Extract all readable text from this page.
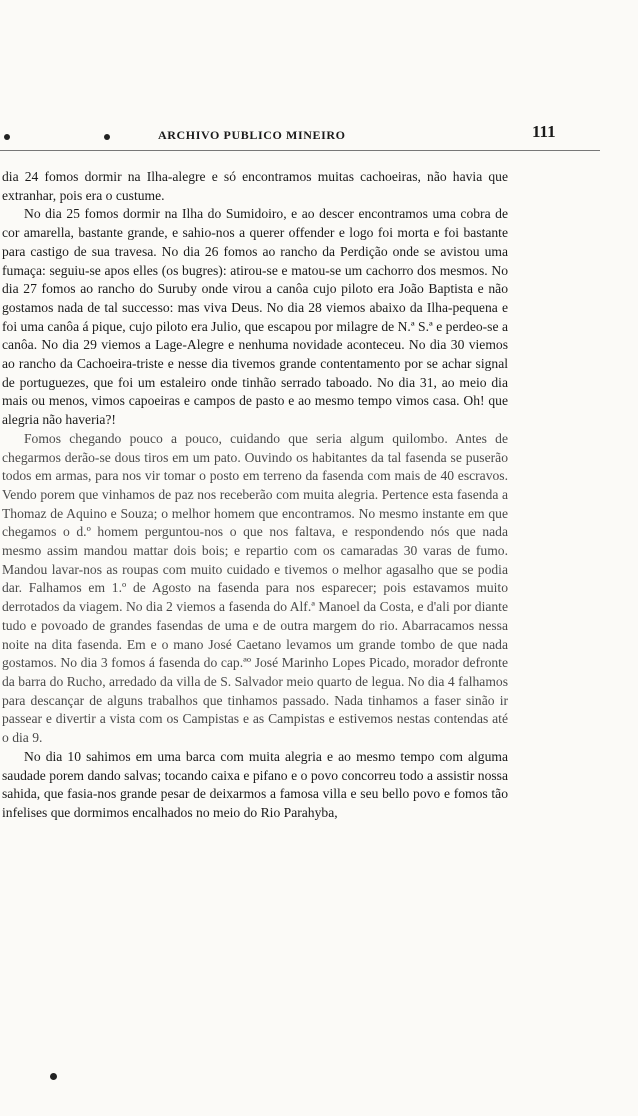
ARCHIVO PUBLICO MINEIRO	111

dia 24 fomos dormir na Ilha-alegre e só encontramos muitas cachoeiras, não havia que extranhar, pois era o custume.

No dia 25 fomos dormir na Ilha do Sumidoiro, e ao descer encontramos uma cobra de cor amarella, bastante grande, e sahio-nos a querer offender e logo foi morta e foi bastante para castigo de sua travesa. No dia 26 fomos ao rancho da Perdição onde se avistou uma fumaça: seguiu-se apos elles (os bugres): atirou-se e matou-se um cachorro dos mesmos. No dia 27 fomos ao rancho do Suruby onde virou a canôa cujo piloto era João Baptista e não gostamos nada de tal successo: mas viva Deus. No dia 28 viemos abaixo da Ilha-pequena e foi uma canôa á pique, cujo piloto era Julio, que escapou por milagre de N.ª S.ª e perdeo-se a canôa. No dia 29 viemos a Lage-Alegre e nenhuma novidade aconteceu. No dia 30 viemos ao rancho da Cachoeira-triste e nesse dia tivemos grande contentamento por se achar signal de portuguezes, que foi um estaleiro onde tinhão serrado taboado. No dia 31, ao meio dia mais ou menos, vimos capoeiras e campos de pasto e ao mesmo tempo vimos casa. Oh! que alegria não haveria?!

Fomos chegando pouco a pouco, cuidando que seria algum quilombo. Antes de chegarmos derão-se dous tiros em um pato. Ouvindo os habitantes da tal fasenda se puserão todos em armas, para nos vir tomar o posto em terreno da fasenda com mais de 40 escravos. Vendo porem que vinhamos de paz nos receberão com muita alegria. Pertence esta fasenda a Thomaz de Aquino e Souza; o melhor homem que encontramos. No mesmo instante em que chegamos o d.º homem perguntou-nos o que nos faltava, e respondendo nós que nada mesmo assim mandou mattar dois bois; e repartio com os camaradas 30 varas de fumo. Mandou lavar-nos as roupas com muito cuidado e tivemos o melhor agasalho que se podia dar. Falhamos em 1.º de Agosto na fasenda para nos esparecer; pois estavamos muito derrotados da viagem. No dia 2 viemos a fasenda do Alf.ª Manoel da Costa, e d'ali por diante tudo e povoado de grandes fasendas de uma e de outra margem do rio. Abarracamos nessa noite na dita fasenda. Em e o mano José Caetano levamos um grande tombo de que nada gostamos. No dia 3 fomos á fasenda do cap.ªº José Marinho Lopes Picado, morador defronte da barra do Rucho, arredado da villa de S. Salvador meio quarto de legua. No dia 4 falhamos para descançar de alguns trabalhos que tinhamos passado. Nada tinhamos a faser sinão ir passear e divertir a vista com os Campistas e as Campistas e estivemos nestas contendas até o dia 9.

No dia 10 sahimos em uma barca com muita alegria e ao mesmo tempo com alguma saudade porem dando salvas; tocando caixa e pifano e o povo concorreu todo a assistir nossa sahida, que fasia-nos grande pesar de deixarmos a famosa villa e seu bello povo e fomos tão infelises que dormimos encalhados no meio do Rio Parahyba,
